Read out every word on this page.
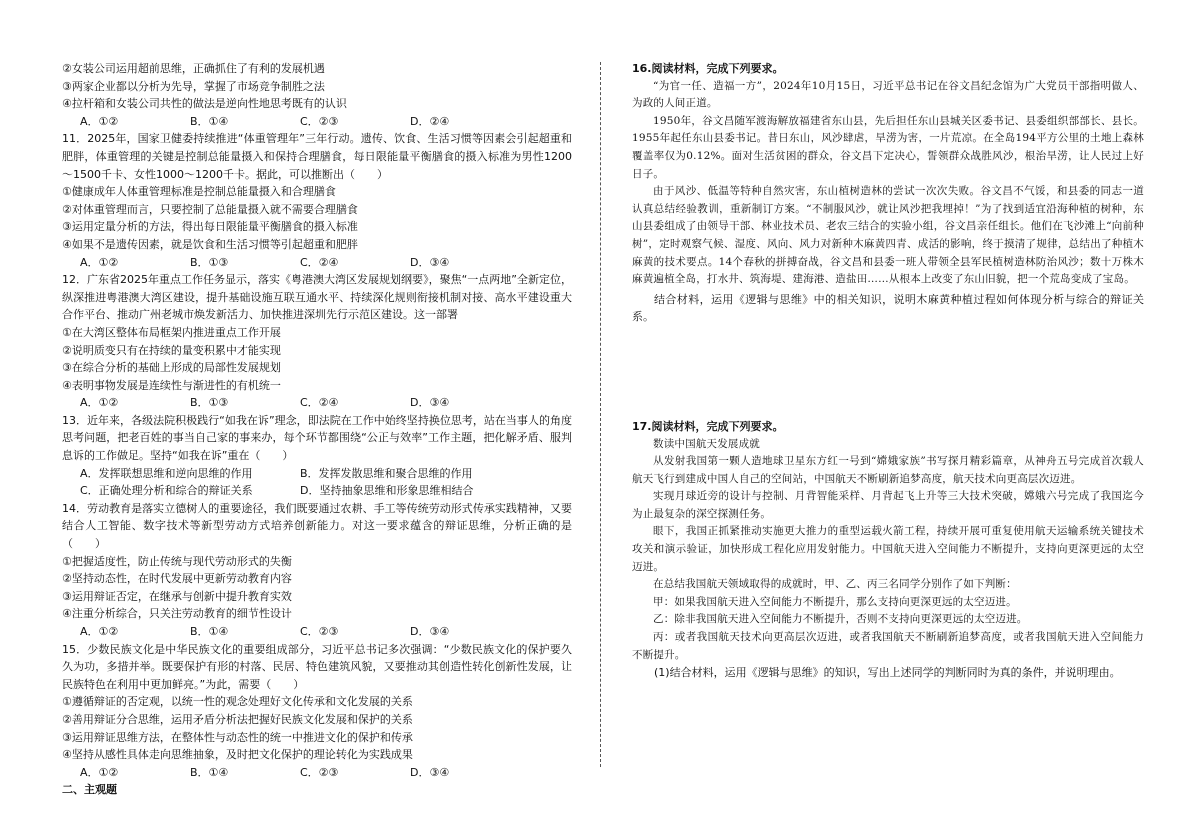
②女装公司运用超前思维，正确抓住了有利的发展机遇
③两家企业都以分析为先导，掌握了市场竞争制胜之法
④拉杆箱和女装公司共性的做法是逆向性地思考既有的认识
A．①②	B．①④	C．②③	D．②④
11．2025年，国家卫健委持续推进“体重管理年”三年行动。遗传、饮食、生活习惯等因素会引起超重和肥胖，体重管理的关键是控制总能量摄入和保持合理膳食，每日限能量平衡膳食的摄入标准为男性1200～1500千卡、女性1000～1200千卡。据此，可以推断出（　　）
①健康成年人体重管理标准是控制总能量摄入和合理膳食
②对体重管理而言，只要控制了总能量摄入就不需要合理膳食
③运用定量分析的方法，得出每日限能量平衡膳食的摄入标准
④如果不是遗传因素，就是饮食和生活习惯等引起超重和肥胖
A．①②	B．①③	C．②④	D．③④
12．广东省2025年重点工作任务显示，落实《粤港澳大湾区发展规划纲要》，聚焦“一点两地”全新定位，纵深推进粤港澳大湾区建设，提升基础设施互联互通水平、持续深化规则衔接机制对接、高水平建设重大合作平台、推动广州老城市焕发新活力、加快推进深圳先行示范区建设。这一部署
①在大湾区整体布局框架内推进重点工作开展
②说明质变只有在持续的量变积累中才能实现
③在综合分析的基础上形成的局部性发展规划
④表明事物发展是连续性与渐进性的有机统一
A．①②	B．①③	C．②④	D．③④
13．近年来，各级法院积极践行“如我在诉”理念，即法院在工作中始终坚持换位思考，站在当事人的角度思考问题，把老百姓的事当自己家的事来办，每个环节都围绕“公正与效率”工作主题，把化解矛盾、服判息诉的工作做足。坚持“如我在诉”重在（　　）
A．发挥联想思维和逆向思维的作用	B．发挥发散思维和聚合思维的作用
C．正确处理分析和综合的辩证关系	D．坚持抽象思维和形象思维相结合
14．劳动教育是落实立德树人的重要途径，我们既要通过农耕、手工等传统劳动形式传承实践精神，又要结合人工智能、数字技术等新型劳动方式培养创新能力。对这一要求蕴含的辩证思维，分析正确的是（　　）
①把握适度性，防止传统与现代劳动形式的失衡
②坚持动态性，在时代发展中更新劳动教育内容
③运用辩证否定，在继承与创新中提升教育实效
④注重分析综合，只关注劳动教育的细节性设计
A．①②	B．①④	C．②③	D．③④
15．少数民族文化是中华民族文化的重要组成部分，习近平总书记多次强调：“少数民族文化的保护要久久为功，多措并举。既要保护有形的村落、民居、特色建筑风貌，又要推动其创造性转化创新性发展，让民族特色在利用中更加鲜亮。”为此，需要（　　）
①遵循辩证的否定观，以统一性的观念处理好文化传承和文化发展的关系
②善用辩证分合思维，运用矛盾分析法把握好民族文化发展和保护的关系
③运用辩证思维方法，在整体性与动态性的统一中推进文化的保护和传承
④坚持从感性具体走向思维抽象，及时把文化保护的理论转化为实践成果
A．①②	B．①④	C．②③	D．③④
二、主观题
16.阅读材料，完成下列要求。
“为官一任、造福一方”，2024年10月15日，习近平总书记在谷文昌纪念馆为广大党员干部指明做人、为政的人间正道。
1950年，谷文昌随军渡海解放福建省东山县，先后担任东山县城关区委书记、县委组织部部长、县长。1955年起任东山县委书记。昔日东山，风沙肆虐，旱涝为害，一片荒凉。在全岛194平方公里的土地上森林覆盖率仅为0.12%。面对生活贫困的群众，谷文昌下定决心，誓领群众战胜风沙，根治旱涝，让人民过上好日子。
由于风沙、低温等特种自然灾害，东山植树造林的尝试一次次失败。谷文昌不气馁，和县委的同志一道认真总结经验教训，重新制订方案。“不制服风沙，就让风沙把我埋掉！”为了找到适宜沿海种植的树种，东山县委组成了由领导干部、林业技术员、老农三结合的实验小组，谷文昌亲任组长。他们在飞沙滩上“向前种树”，定时观察气候、湿度、风向、风力对新种木麻黄四青、成活的影响，终于摸清了规律，总结出了种植木麻黄的技术要点。14个春秋的拼搏奋战，谷文昌和县委一班人带领全县军民植树造林防治风沙；数十万株木麻黄遍植全岛，打水井、筑海堤、建海港、造盐田……从根本上改变了东山旧貌，把一个荒岛变成了宝岛。
结合材料，运用《逻辑与思维》中的相关知识，说明木麻黄种植过程如何体现分析与综合的辩证关系。
17.阅读材料，完成下列要求。
数读中国航天发展成就
从发射我国第一颗人造地球卫星东方红一号到“嫦娥家族”书写探月精彩篇章，从神舟五号完成首次载人航天飞行到建成中国人自己的空间站，中国航天不断刷新追梦高度，航天技术向更高层次迈进。
实现月球近旁的设计与控制、月背智能采样、月背起飞上升等三大技术突破，嫦娥六号完成了我国迄今为止最复杂的深空探测任务。
眼下，我国正抓紧推动实施更大推力的重型运载火箭工程，持续开展可重复使用航天运输系统关键技术攻关和演示验证，加快形成工程化应用发射能力。中国航天进入空间能力不断提升，支持向更深更远的太空迈进。
在总结我国航天领域取得的成就时，甲、乙、丙三名同学分别作了如下判断：
甲：如果我国航天进入空间能力不断提升，那么支持向更深更远的太空迈进。
乙：除非我国航天进入空间能力不断提升，否则不支持向更深更远的太空迈进。
丙：或者我国航天技术向更高层次迈进，或者我国航天不断刷新追梦高度，或者我国航天进入空间能力不断提升。
(1)结合材料，运用《逻辑与思维》的知识，写出上述同学的判断同时为真的条件，并说明理由。
